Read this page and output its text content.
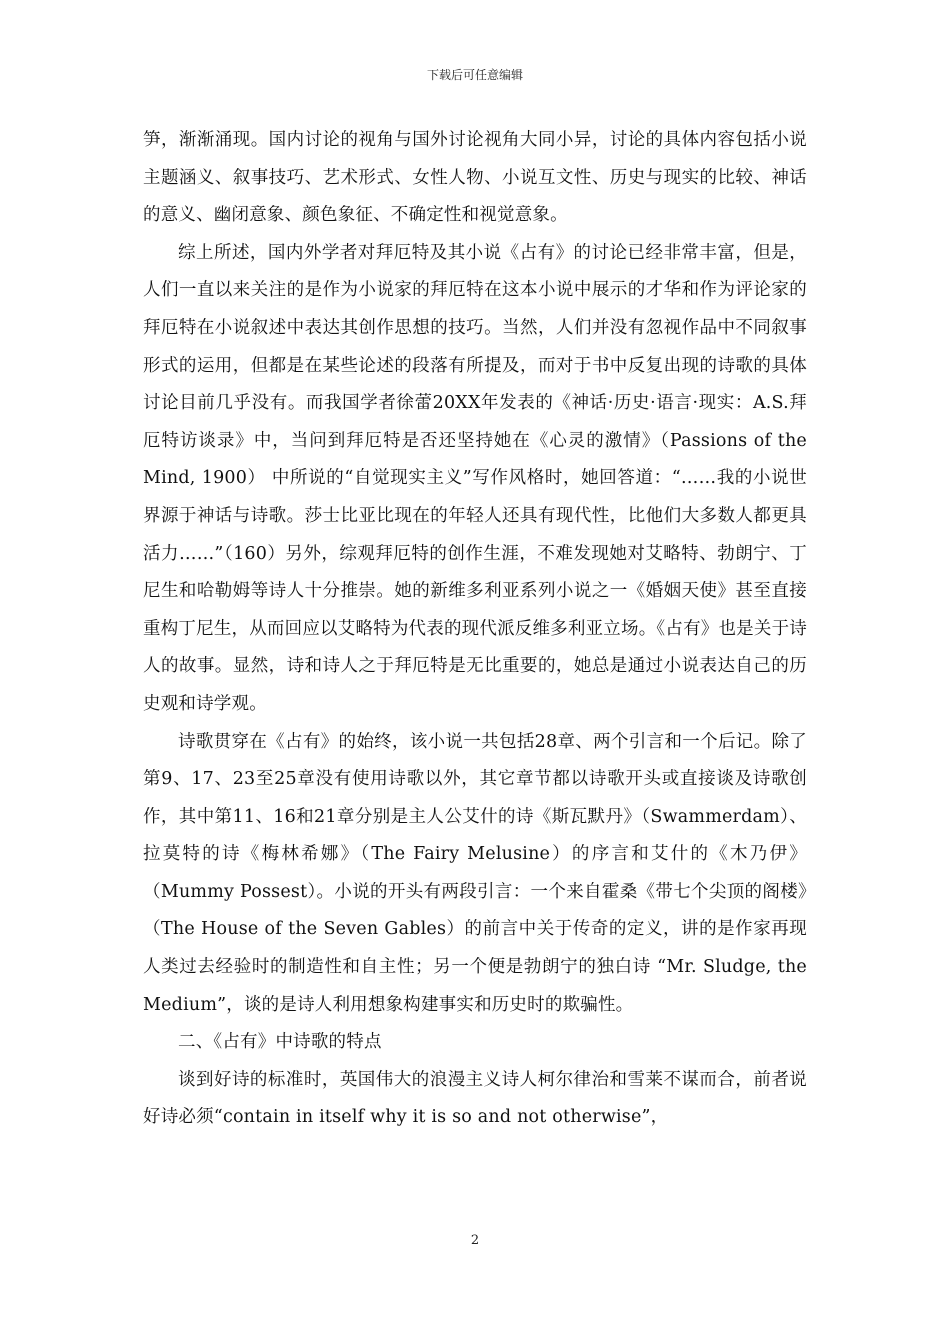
下载后可任意编辑

笋，渐渐涌现。国内讨论的视角与国外讨论视角大同小异，讨论的具体内容包括小说主题涵义、叙事技巧、艺术形式、女性人物、小说互文性、历史与现实的比较、神话的意义、幽闭意象、颜色象征、不确定性和视觉意象。

综上所述，国内外学者对拜厄特及其小说《占有》的讨论已经非常丰富，但是，人们一直以来关注的是作为小说家的拜厄特在这本小说中展示的才华和作为评论家的拜厄特在小说叙述中表达其创作思想的技巧。当然，人们并没有忽视作品中不同叙事形式的运用，但都是在某些论述的段落有所提及，而对于书中反复出现的诗歌的具体讨论目前几乎没有。而我国学者徐蕾20XX年发表的《神话·历史·语言·现实：A.S.拜厄特访谈录》中，当问到拜厄特是否还坚持她在《心灵的激情》（Passions of the Mind, 1900） 中所说的“自觉现实主义”写作风格时，她回答道：“……我的小说世界源于神话与诗歌。莎士比亚比现在的年轻人还具有现代性，比他们大多数人都更具活力……”（160）另外，综观拜厄特的创作生涯，不难发现她对艾略特、勃朗宁、丁尼生和哈勒姆等诗人十分推崇。她的新维多利亚系列小说之一《婚姻天使》甚至直接重构丁尼生，从而回应以艾略特为代表的现代派反维多利亚立场。《占有》也是关于诗人的故事。显然，诗和诗人之于拜厄特是无比重要的，她总是通过小说表达自己的历史观和诗学观。

诗歌贯穿在《占有》的始终，该小说一共包括28章、两个引言和一个后记。除了第9、17、23至25章没有使用诗歌以外，其它章节都以诗歌开头或直接谈及诗歌创作，其中第11、16和21章分别是主人公艾什的诗《斯瓦默丹》（Swammerdam）、拉莫特的诗《梅林希娜》（The Fairy Melusine）的序言和艾什的《木乃伊》（Mummy Possest）。小说的开头有两段引言：一个来自霍桑《带七个尖顶的阁楼》（The House of the Seven Gables）的前言中关于传奇的定义，讲的是作家再现人类过去经验时的制造性和自主性；另一个便是勃朗宁的独白诗 “Mr. Sludge, the Medium”，谈的是诗人利用想象构建事实和历史时的欺骗性。

二、《占有》中诗歌的特点

谈到好诗的标准时，英国伟大的浪漫主义诗人柯尔律治和雪莱不谋而合，前者说好诗必须“contain in itself why it is so and not otherwise”，

2
